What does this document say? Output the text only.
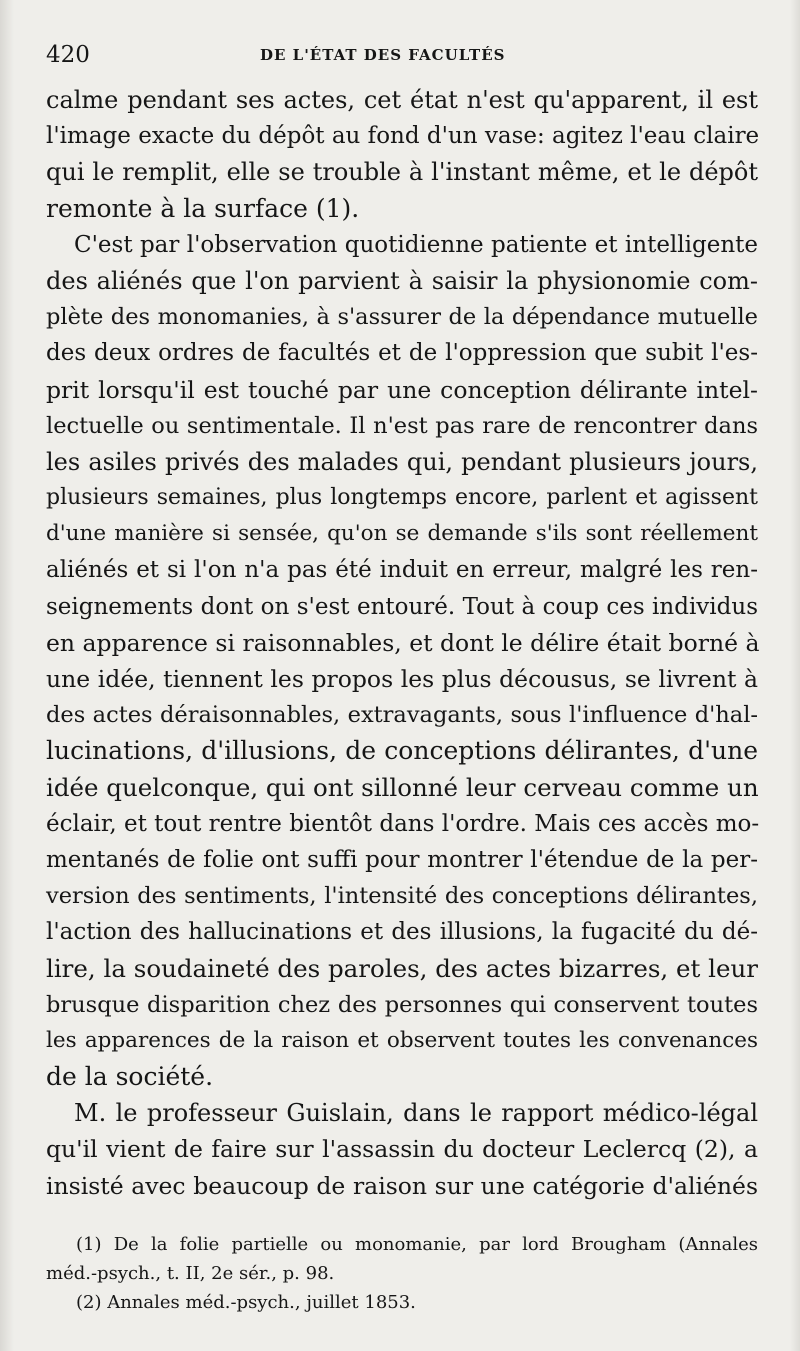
420	DE L'ÉTAT DES FACULTÉS
calme pendant ses actes, cet état n'est qu'apparent, il est
l'image exacte du dépôt au fond d'un vase: agitez l'eau claire
qui le remplit, elle se trouble à l'instant même, et le dépôt
remonte à la surface (1).
C'est par l'observation quotidienne patiente et intelligente
des aliénés que l'on parvient à saisir la physionomie com-
plète des monomanies, à s'assurer de la dépendance mutuelle
des deux ordres de facultés et de l'oppression que subit l'es-
prit lorsqu'il est touché par une conception délirante intel-
lectuelle ou sentimentale. Il n'est pas rare de rencontrer dans
les asiles privés des malades qui, pendant plusieurs jours,
plusieurs semaines, plus longtemps encore, parlent et agissent
d'une manière si sensée, qu'on se demande s'ils sont réellement
aliénés et si l'on n'a pas été induit en erreur, malgré les ren-
seignements dont on s'est entouré. Tout à coup ces individus
en apparence si raisonnables, et dont le délire était borné à
une idée, tiennent les propos les plus décousus, se livrent à
des actes déraisonnables, extravagants, sous l'influence d'hal-
lucinations, d'illusions, de conceptions délirantes, d'une
idée quelconque, qui ont sillonné leur cerveau comme un
éclair, et tout rentre bientôt dans l'ordre. Mais ces accès mo-
mentanés de folie ont suffi pour montrer l'étendue de la per-
version des sentiments, l'intensité des conceptions délirantes,
l'action des hallucinations et des illusions, la fugacité du dé-
lire, la soudaineté des paroles, des actes bizarres, et leur
brusque disparition chez des personnes qui conservent toutes
les apparences de la raison et observent toutes les convenances
de la société.
M. le professeur Guislain, dans le rapport médico-légal
qu'il vient de faire sur l'assassin du docteur Leclercq (2), a
insisté avec beaucoup de raison sur une catégorie d'aliénés
(1) De la folie partielle ou monomanie, par lord Brougham (Annales
méd.-psych., t. II, 2e sér., p. 98.
(2) Annales méd.-psych., juillet 1853.
